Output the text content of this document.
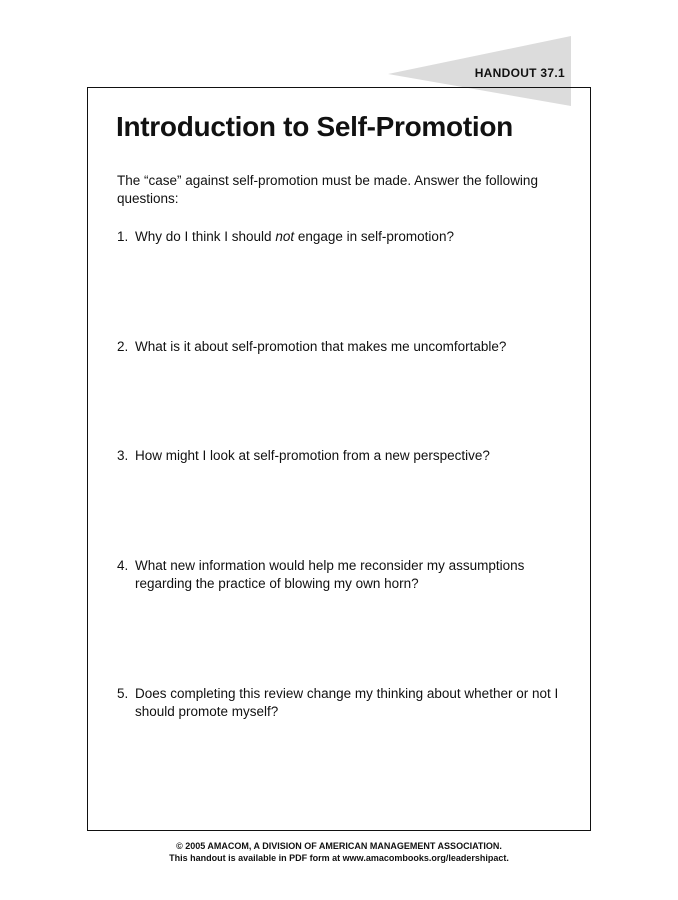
HANDOUT 37.1
Introduction to Self-Promotion

The “case” against self-promotion must be made. Answer the following questions:

1. Why do I think I should not engage in self-promotion?
2. What is it about self-promotion that makes me uncomfortable?
3. How might I look at self-promotion from a new perspective?
4. What new information would help me reconsider my assumptions regarding the practice of blowing my own horn?
5. Does completing this review change my thinking about whether or not I should promote myself?
© 2005 AMACOM, A DIVISION OF AMERICAN MANAGEMENT ASSOCIATION.
This handout is available in PDF form at www.amacombooks.org/leadershipact.
